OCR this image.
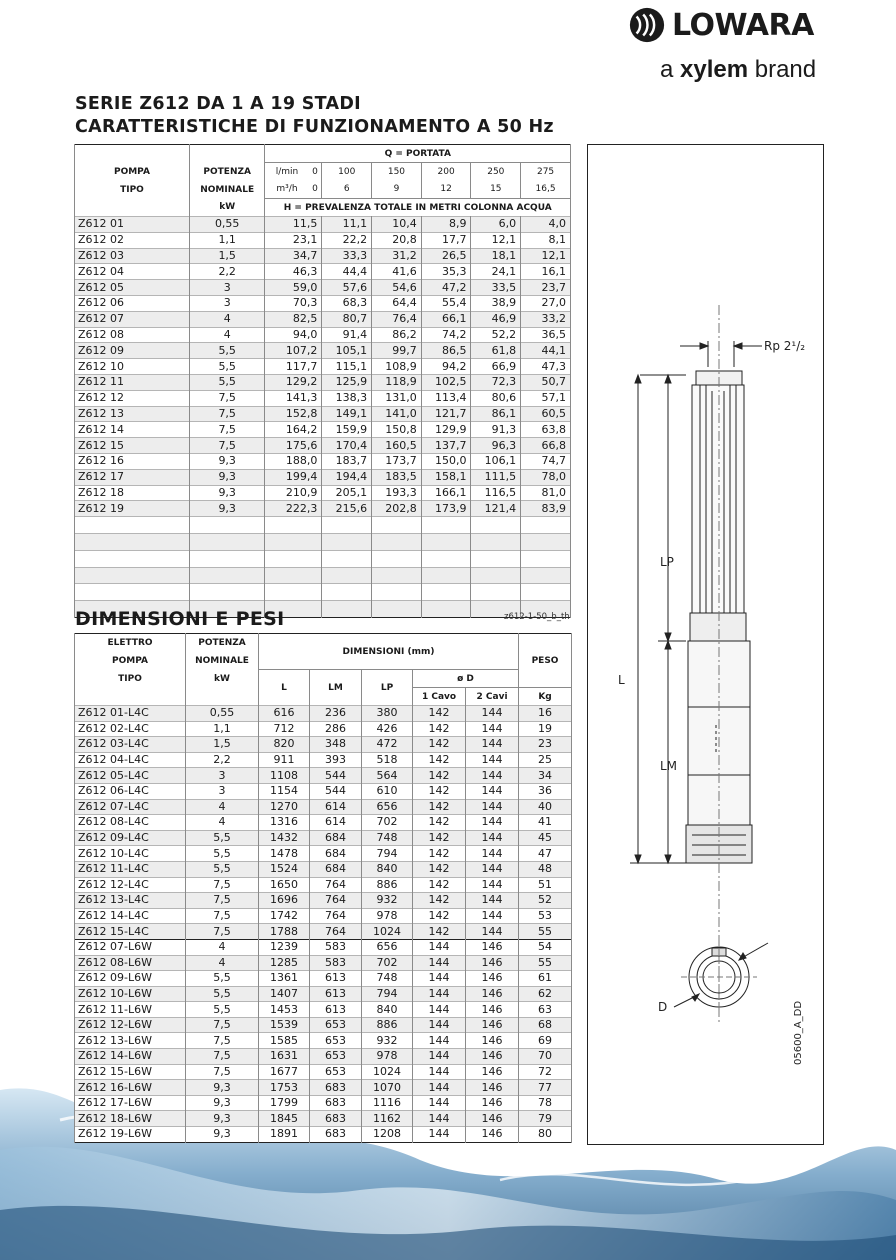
LOWARA
a xylem brand
SERIE Z612 DA 1 A 19 STADI
CARATTERISTICHE DI FUNZIONAMENTO A 50 Hz
		Q = PORTATA						
POMPA	POTENZA	l/min	0	100	150	200	250	275
TIPO	NOMINALE	m³/h	0	6	9	12	15	16,5
	kW	H = PREVALENZA TOTALE IN METRI COLONNA ACQUA						
Z612 01	0,55	11,5		11,1	10,4	8,9	6,0	4,0
Z612 02	1,1	23,1		22,2	20,8	17,7	12,1	8,1
Z612 03	1,5	34,7		33,3	31,2	26,5	18,1	12,1
Z612 04	2,2	46,3		44,4	41,6	35,3	24,1	16,1
Z612 05	3	59,0		57,6	54,6	47,2	33,5	23,7
Z612 06	3	70,3		68,3	64,4	55,4	38,9	27,0
Z612 07	4	82,5		80,7	76,4	66,1	46,9	33,2
Z612 08	4	94,0		91,4	86,2	74,2	52,2	36,5
Z612 09	5,5	107,2		105,1	99,7	86,5	61,8	44,1
Z612 10	5,5	117,7		115,1	108,9	94,2	66,9	47,3
Z612 11	5,5	129,2		125,9	118,9	102,5	72,3	50,7
Z612 12	7,5	141,3		138,3	131,0	113,4	80,6	57,1
Z612 13	7,5	152,8		149,1	141,0	121,7	86,1	60,5
Z612 14	7,5	164,2		159,9	150,8	129,9	91,3	63,8
Z612 15	7,5	175,6		170,4	160,5	137,7	96,3	66,8
Z612 16	9,3	188,0		183,7	173,7	150,0	106,1	74,7
Z612 17	9,3	199,4		194,4	183,5	158,1	111,5	78,0
Z612 18	9,3	210,9		205,1	193,3	166,1	116,5	81,0
Z612 19	9,3	222,3		215,6	202,8	173,9	121,4	83,9

DIMENSIONI E PESI	z612-1-50_b_th
ELETTRO	POTENZA	DIMENSIONI (mm)					PESO
POMPA	NOMINALE						
TIPO	kW	L	LM	LP	ø D		
					1 Cavo	2 Cavi	Kg
Z612 01-L4C	0,55	616	236	380	142	144	16
Z612 02-L4C	1,1	712	286	426	142	144	19
Z612 03-L4C	1,5	820	348	472	142	144	23
Z612 04-L4C	2,2	911	393	518	142	144	25
Z612 05-L4C	3	1108	544	564	142	144	34
Z612 06-L4C	3	1154	544	610	142	144	36
Z612 07-L4C	4	1270	614	656	142	144	40
Z612 08-L4C	4	1316	614	702	142	144	41
Z612 09-L4C	5,5	1432	684	748	142	144	45
Z612 10-L4C	5,5	1478	684	794	142	144	47
Z612 11-L4C	5,5	1524	684	840	142	144	48
Z612 12-L4C	7,5	1650	764	886	142	144	51
Z612 13-L4C	7,5	1696	764	932	142	144	52
Z612 14-L4C	7,5	1742	764	978	142	144	53
Z612 15-L4C	7,5	1788	764	1024	142	144	55
Z612 07-L6W	4	1239	583	656	144	146	54
Z612 08-L6W	4	1285	583	702	144	146	55
Z612 09-L6W	5,5	1361	613	748	144	146	61
Z612 10-L6W	5,5	1407	613	794	144	146	62
Z612 11-L6W	5,5	1453	613	840	144	146	63
Z612 12-L6W	7,5	1539	653	886	144	146	68
Z612 13-L6W	7,5	1585	653	932	144	146	69
Z612 14-L6W	7,5	1631	653	978	144	146	70
Z612 15-L6W	7,5	1677	653	1024	144	146	72
Z612 16-L6W	9,3	1753	683	1070	144	146	77
Z612 17-L6W	9,3	1799	683	1116	144	146	78
Z612 18-L6W	9,3	1845	683	1162	144	146	79
Z612 19-L6W	9,3	1891	683	1208	144	146	80
Rp 2¹/₂
LP
L
LM
D	05600_A_DD
